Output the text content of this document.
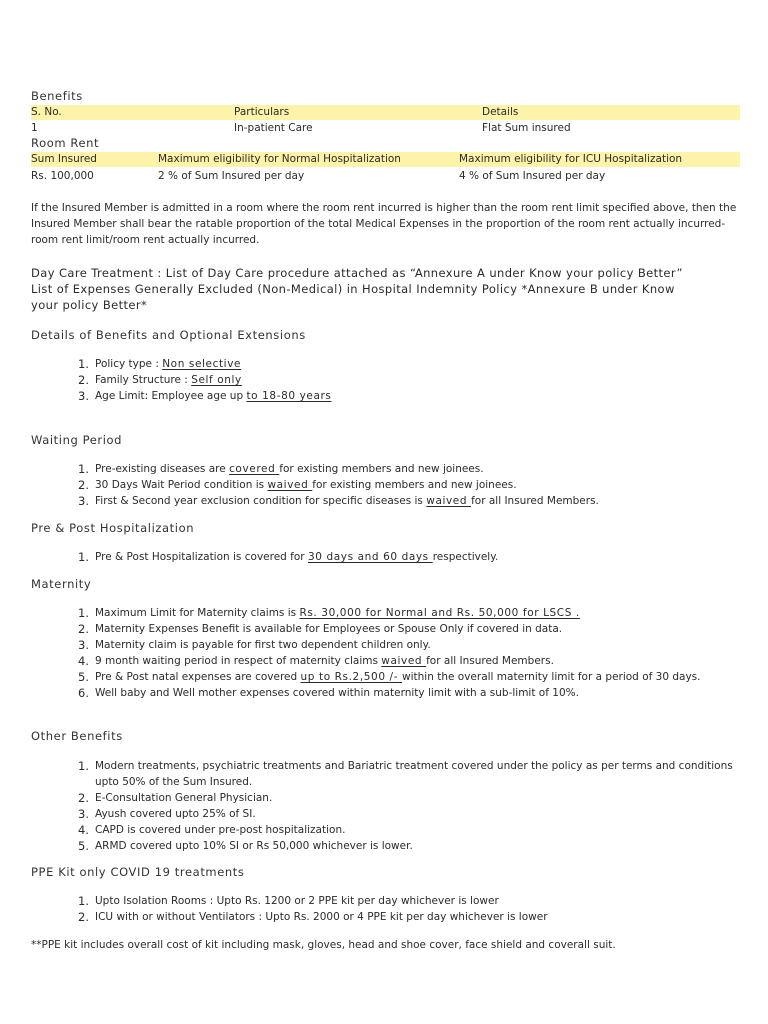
Benefits
S. No.	Particulars	Details
1	In-patient Care	Flat Sum insured
Room Rent
Sum Insured	Maximum eligibility for Normal Hospitalization	Maximum eligibility for ICU Hospitalization
Rs. 100,000	2 % of Sum Insured per day	4 % of Sum Insured per day
If the Insured Member is admitted in a room where the room rent incurred is higher than the room rent limit specified above, then the Insured Member shall bear the ratable proportion of the total Medical Expenses in the proportion of the room rent actually incurred-room rent limit/room rent actually incurred.
Day Care Treatment : List of Day Care procedure attached as “Annexure A under Know your policy Better”
List of Expenses Generally Excluded (Non-Medical) in Hospital Indemnity Policy *Annexure B under Know your policy Better*
Details of Benefits and Optional Extensions
1. Policy type : Non selective
2. Family Structure : Self only
3. Age Limit: Employee age up to 18-80 years
Waiting Period
1. Pre-existing diseases are covered for existing members and new joinees.
2. 30 Days Wait Period condition is waived for existing members and new joinees.
3. First & Second year exclusion condition for specific diseases is waived for all Insured Members.
Pre & Post Hospitalization
1. Pre & Post Hospitalization is covered for 30 days and 60 days respectively.
Maternity
1. Maximum Limit for Maternity claims is Rs. 30,000 for Normal and Rs. 50,000 for LSCS .
2. Maternity Expenses Benefit is available for Employees or Spouse Only if covered in data.
3. Maternity claim is payable for first two dependent children only.
4. 9 month waiting period in respect of maternity claims waived for all Insured Members.
5. Pre & Post natal expenses are covered up to Rs.2,500 /- within the overall maternity limit for a period of 30 days.
6. Well baby and Well mother expenses covered within maternity limit with a sub-limit of 10%.
Other Benefits
1. Modern treatments, psychiatric treatments and Bariatric treatment covered under the policy as per terms and conditions upto 50% of the Sum Insured.
2. E-Consultation General Physician.
3. Ayush covered upto 25% of SI.
4. CAPD is covered under pre-post hospitalization.
5. ARMD covered upto 10% SI or Rs 50,000 whichever is lower.
PPE Kit only COVID 19 treatments
1. Upto Isolation Rooms : Upto Rs. 1200 or 2 PPE kit per day whichever is lower
2. ICU with or without Ventilators : Upto Rs. 2000 or 4 PPE kit per day whichever is lower
**PPE kit includes overall cost of kit including mask, gloves, head and shoe cover, face shield and coverall suit.
